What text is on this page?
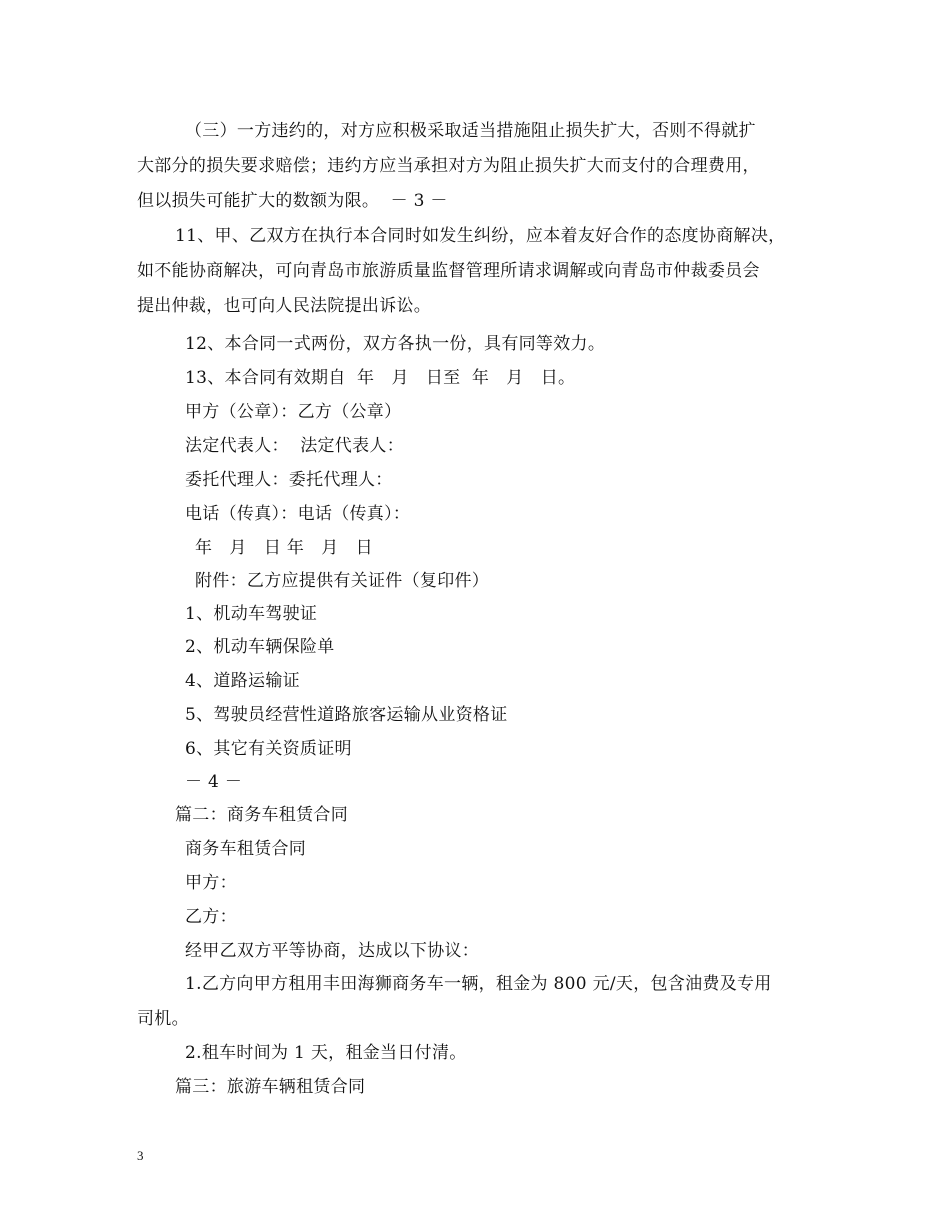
（三）一方违约的，对方应积极采取适当措施阻止损失扩大，否则不得就扩
大部分的损失要求赔偿；违约方应当承担对方为阻止损失扩大而支付的合理费用，
但以损失可能扩大的数额为限。  － 3 －
11、甲、乙双方在执行本合同时如发生纠纷，应本着友好合作的态度协商解决，
如不能协商解决，可向青岛市旅游质量监督管理所请求调解或向青岛市仲裁委员会
提出仲裁，也可向人民法院提出诉讼。
12、本合同一式两份，双方各执一份，具有同等效力。
13、本合同有效期自  年   月   日至  年   月   日。
甲方（公章）：乙方（公章）
法定代表人：  法定代表人：
委托代理人：委托代理人：
电话（传真）：电话（传真）：
年   月   日 年   月   日
附件：乙方应提供有关证件（复印件）
1、机动车驾驶证
2、机动车辆保险单
4、道路运输证
5、驾驶员经营性道路旅客运输从业资格证
6、其它有关资质证明
－ 4 －
篇二：商务车租赁合同
商务车租赁合同
甲方：
乙方：
经甲乙双方平等协商，达成以下协议：
1.乙方向甲方租用丰田海狮商务车一辆，租金为 800 元/天，包含油费及专用
司机。
2.租车时间为 1 天，租金当日付清。
篇三：旅游车辆租赁合同
3
